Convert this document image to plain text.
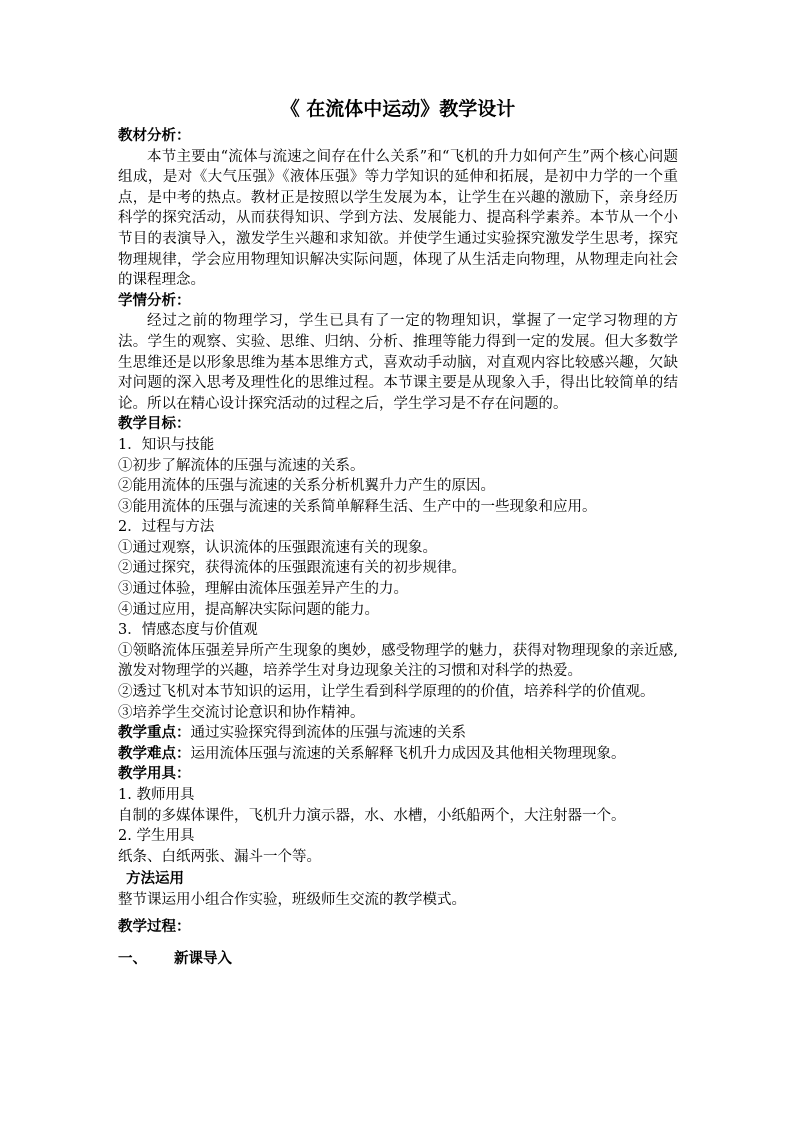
《 在流体中运动》教学设计

教材分析：

本节主要由“流体与流速之间存在什么关系”和“飞机的升力如何产生”两个核心问题组成，是对《大气压强》《液体压强》等力学知识的延伸和拓展，是初中力学的一个重点，是中考的热点。教材正是按照以学生发展为本，让学生在兴趣的激励下，亲身经历科学的探究活动，从而获得知识、学到方法、发展能力、提高科学素养。本节从一个小节目的表演导入，激发学生兴趣和求知欲。并使学生通过实验探究激发学生思考，探究物理规律，学会应用物理知识解决实际问题，体现了从生活走向物理，从物理走向社会的课程理念。

学情分析：

经过之前的物理学习，学生已具有了一定的物理知识，掌握了一定学习物理的方法。学生的观察、实验、思维、归纳、分析、推理等能力得到一定的发展。但大多数学生思维还是以形象思维为基本思维方式，喜欢动手动脑，对直观内容比较感兴趣，欠缺对问题的深入思考及理性化的思维过程。本节课主要是从现象入手，得出比较简单的结论。所以在精心设计探究活动的过程之后，学生学习是不存在问题的。

教学目标：

1．知识与技能

①初步了解流体的压强与流速的关系。

②能用流体的压强与流速的关系分析机翼升力产生的原因。

③能用流体的压强与流速的关系简单解释生活、生产中的一些现象和应用。

2．过程与方法

①通过观察，认识流体的压强跟流速有关的现象。

②通过探究，获得流体的压强跟流速有关的初步规律。

③通过体验，理解由流体压强差异产生的力。

④通过应用，提高解决实际问题的能力。

3．情感态度与价值观

①领略流体压强差异所产生现象的奥妙，感受物理学的魅力，获得对物理现象的亲近感,激发对物理学的兴趣，培养学生对身边现象关注的习惯和对科学的热爱。

②透过飞机对本节知识的运用，让学生看到科学原理的的价值，培养科学的价值观。

③培养学生交流讨论意识和协作精神。

教学重点：通过实验探究得到流体的压强与流速的关系

教学难点：运用流体压强与流速的关系解释飞机升力成因及其他相关物理现象。

教学用具：

1. 教师用具

自制的多媒体课件，飞机升力演示器，水、水槽，小纸船两个，大注射器一个。

2. 学生用具

纸条、白纸两张、漏斗一个等。

方法运用

整节课运用小组合作实验，班级师生交流的教学模式。

教学过程：

一、 新课导入
